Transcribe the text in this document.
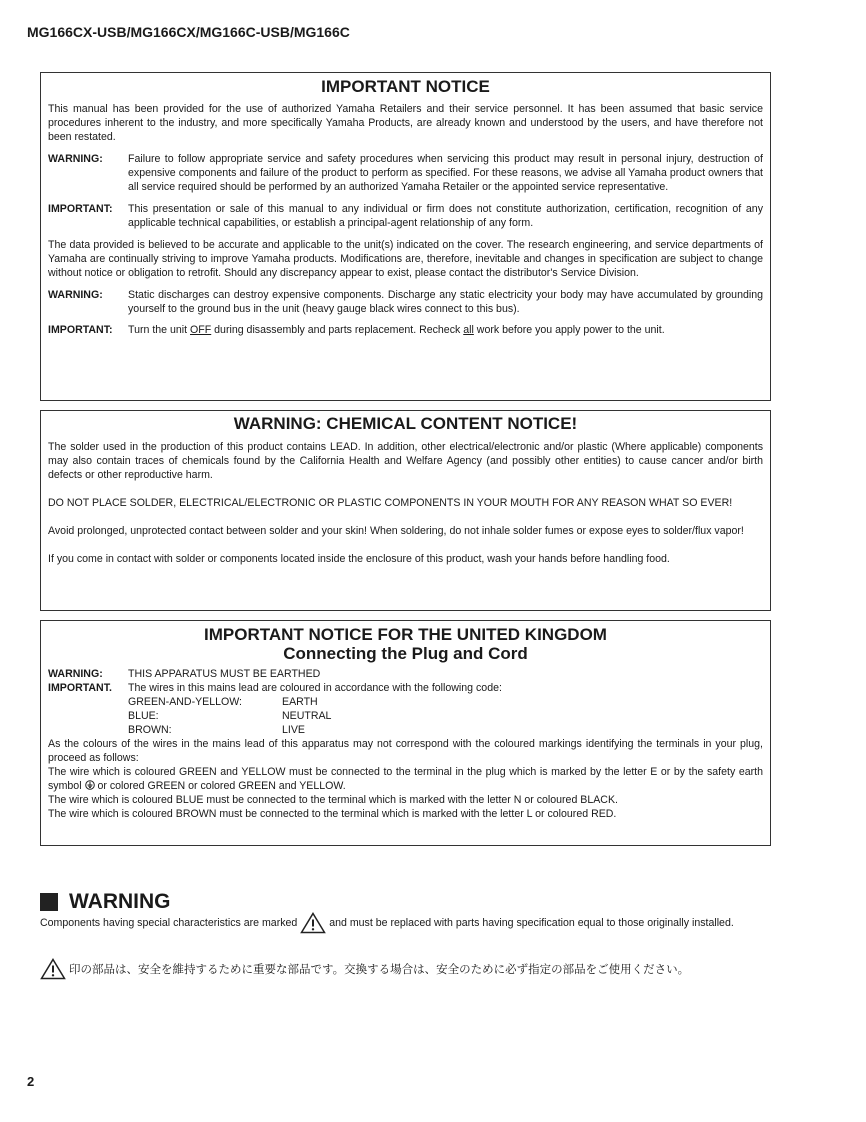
MG166CX-USB/MG166CX/MG166C-USB/MG166C
IMPORTANT NOTICE

This manual has been provided for the use of authorized Yamaha Retailers and their service personnel. It has been assumed that basic service procedures inherent to the industry, and more specifically Yamaha Products, are already known and understood by the users, and have therefore not been restated.

WARNING:	Failure to follow appropriate service and safety procedures when servicing this product may result in personal injury, destruction of expensive components and failure of the product to perform as specified. For these reasons, we advise all Yamaha product owners that all service required should be performed by an authorized Yamaha Retailer or the appointed service representative.
IMPORTANT:	This presentation or sale of this manual to any individual or firm does not constitute authorization, certification, recognition of any applicable technical capabilities, or establish a principal-agent relationship of any form.

The data provided is believed to be accurate and applicable to the unit(s) indicated on the cover. The research engineering, and service departments of Yamaha are continually striving to improve Yamaha products. Modifications are, therefore, inevitable and changes in specification are subject to change without notice or obligation to retrofit. Should any discrepancy appear to exist, please contact the distributor's Service Division.

WARNING:	Static discharges can destroy expensive components. Discharge any static electricity your body may have accumulated by grounding yourself to the ground bus in the unit (heavy gauge black wires connect to this bus).
IMPORTANT:	Turn the unit OFF during disassembly and parts replacement. Recheck all work before you apply power to the unit.
WARNING: CHEMICAL CONTENT NOTICE!

The solder used in the production of this product contains LEAD. In addition, other electrical/electronic and/or plastic (Where applicable) components may also contain traces of chemicals found by the California Health and Welfare Agency (and possibly other entities) to cause cancer and/or birth defects or other reproductive harm.

DO NOT PLACE SOLDER, ELECTRICAL/ELECTRONIC OR PLASTIC COMPONENTS IN YOUR MOUTH FOR ANY REASON WHAT SO EVER!

Avoid prolonged, unprotected contact between solder and your skin! When soldering, do not inhale solder fumes or expose eyes to solder/flux vapor!

If you come in contact with solder or components located inside the enclosure of this product, wash your hands before handling food.

IMPORTANT NOTICE FOR THE UNITED KINGDOM
Connecting the Plug and Cord
WARNING:	THIS APPARATUS MUST BE EARTHED
IMPORTANT.	The wires in this mains lead are coloured in accordance with the following code:
GREEN-AND-YELLOW:	EARTH
BLUE:	NEUTRAL
BROWN:	LIVE

As the colours of the wires in the mains lead of this apparatus may not correspond with the coloured markings identifying the terminals in your plug, proceed as follows:

The wire which is coloured GREEN and YELLOW must be connected to the terminal in the plug which is marked by the letter E or by the safety earth symbol or colored GREEN or colored GREEN and YELLOW.

The wire which is coloured BLUE must be connected to the terminal which is marked with the letter N or coloured BLACK.

The wire which is coloured BROWN must be connected to the terminal which is marked with the letter L or coloured RED.

WARNING
Components having special characteristics are marked	and must be replaced with parts having specification equal to those originally installed.
印の部品は、安全を維持するために重要な部品です。交換する場合は、安全のために必ず指定の部品をご使用ください。
2
